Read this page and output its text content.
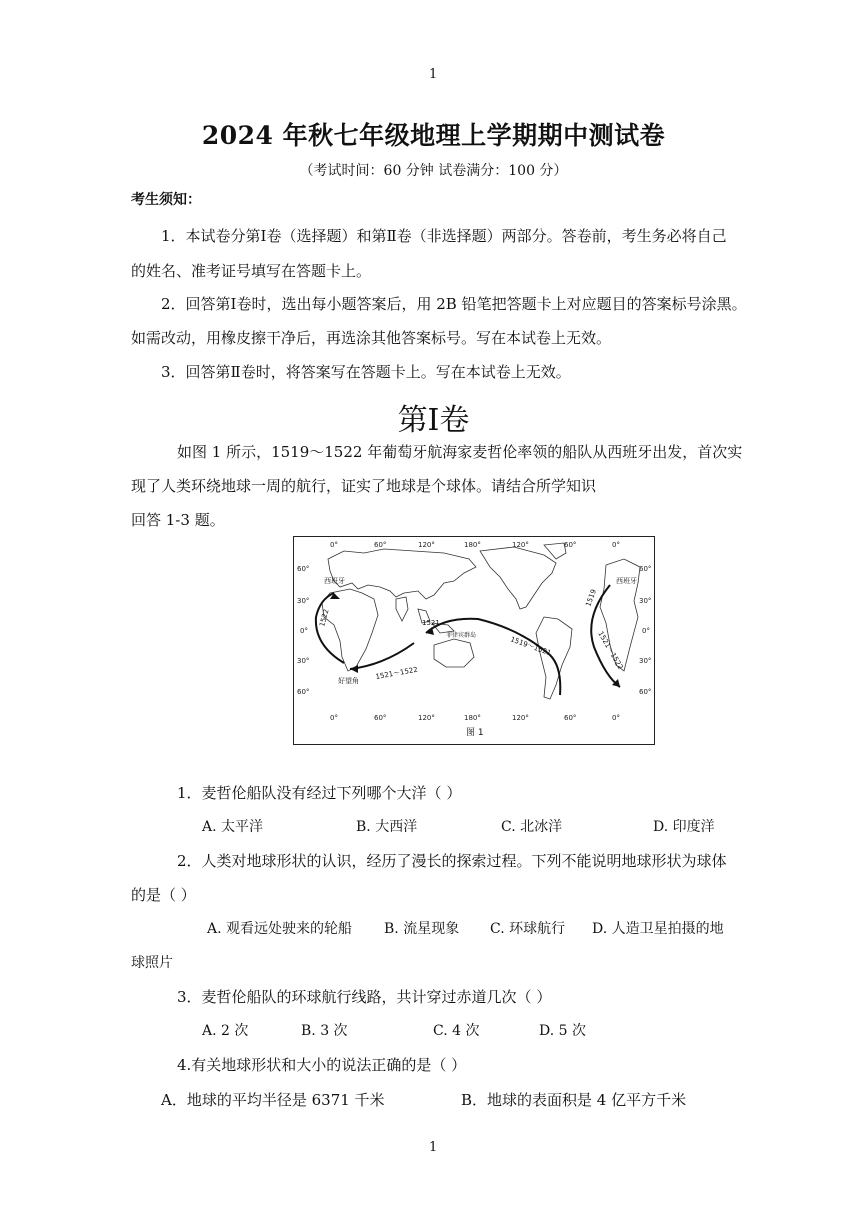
1
2024 年秋七年级地理上学期期中测试卷
（考试时间：60 分钟 试卷满分：100 分）
考生须知：
1．本试卷分第Ⅰ卷（选择题）和第Ⅱ卷（非选择题）两部分。答卷前，考生务必将自己
的姓名、准考证号填写在答题卡上。
2．回答第Ⅰ卷时，选出每小题答案后，用 2B 铅笔把答题卡上对应题目的答案标号涂黑。
如需改动，用橡皮擦干净后，再选涂其他答案标号。写在本试卷上无效。
3．回答第Ⅱ卷时，将答案写在答题卡上。写在本试卷上无效。
第Ⅰ卷
如图 1 所示，1519～1522 年葡萄牙航海家麦哲伦率领的船队从西班牙出发，首次实
现了人类环绕地球一周的航行，证实了地球是个球体。请结合所学知识
回答 1-3 题。
0°	60°	120°	180°	120°	60°	0°
0°	60°	120°	180°	120°	60°	0°
60°
30°
0°
30°
60°
60°
30°
0°
30°
60°
西班牙	西班牙
菲律宾群岛
好望角
1519
1519～1521
1521
1521～1522
1522
1521～1522
图 1
1．麦哲伦船队没有经过下列哪个大洋（ ）
A. 太平洋	B. 大西洋	C. 北冰洋	D. 印度洋
2．人类对地球形状的认识，经历了漫长的探索过程。下列不能说明地球形状为球体
的是（ ）
A. 观看远处驶来的轮船 B. 流星现象 C. 环球航行 D. 人造卫星拍摄的地
球照片
3．麦哲伦船队的环球航行线路，共计穿过赤道几次（ ）
A. 2 次	B. 3 次	C. 4 次	D. 5 次
4.有关地球形状和大小的说法正确的是（ ）
A．地球的平均半径是 6371 千米	B．地球的表面积是 4 亿平方千米
1
